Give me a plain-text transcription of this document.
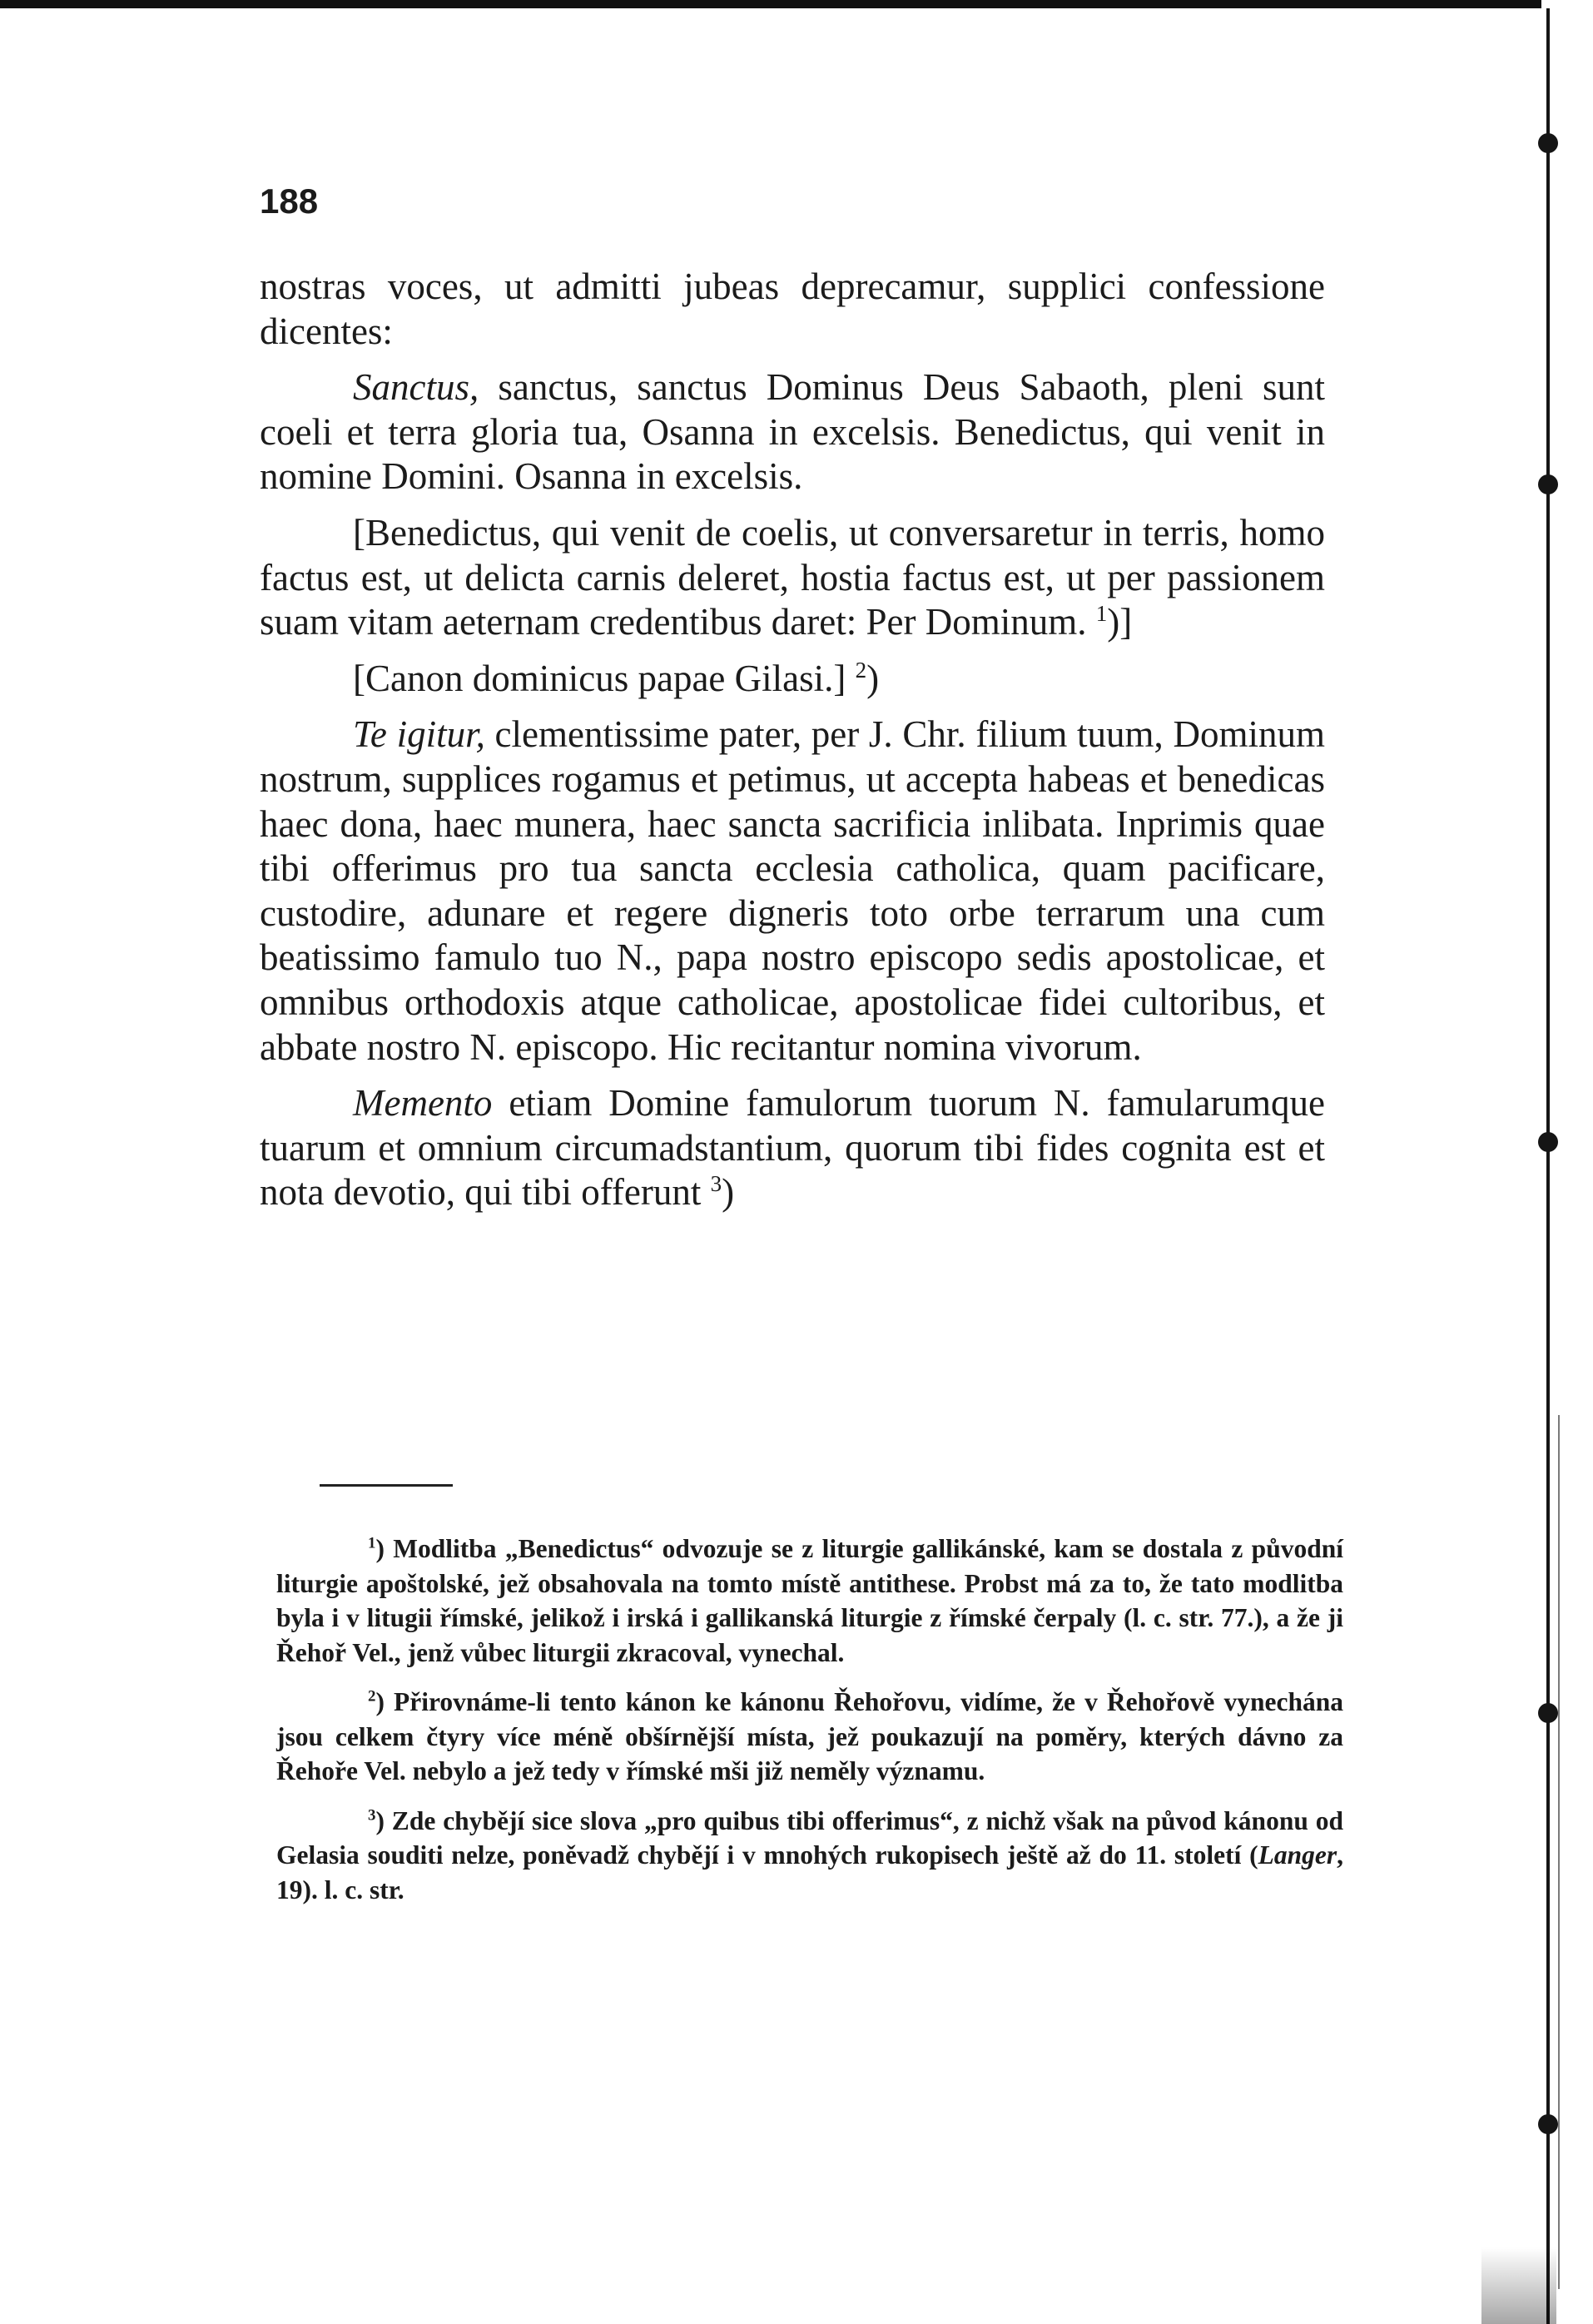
188

nostras voces, ut admitti jubeas deprecamur, supplici confessione dicentes:

Sanctus, sanctus, sanctus Dominus Deus Sabaoth, pleni sunt coeli et terra gloria tua, Osanna in excelsis. Benedictus, qui venit in nomine Domini. Osanna in excelsis.

[Benedictus, qui venit de coelis, ut conversaretur in terris, homo factus est, ut delicta carnis deleret, hostia factus est, ut per passionem suam vitam aeternam credentibus daret: Per Dominum. $^1$)]

[Canon dominicus papae Gilasi.] $^2$)

Te igitur, clementissime pater, per J. Chr. filium tuum, Dominum nostrum, supplices rogamus et petimus, ut accepta habeas et benedicas haec dona, haec munera, haec sancta sacrificia inlibata. Inprimis quae tibi offerimus pro tua sancta ecclesia catholica, quam pacificare, custodire, adunare et regere digneris toto orbe terrarum una cum beatissimo famulo tuo N., papa nostro episcopo sedis apostolicae, et omnibus orthodoxis atque catholicae, apostolicae fidei cultoribus, et abbate nostro N. episcopo. Hic recitantur nomina vivorum.

Memento etiam Domine famulorum tuorum N. famularumque tuarum et omnium circumadstantium, quorum tibi fides cognita est et nota devotio, qui tibi offerunt $^3$)

$^1$) Modlitba „Benedictus“ odvozuje se z liturgie gallikánské, kam se dostala z původní liturgie apoštolské, jež obsahovala na tomto místě antithese. Probst má za to, že tato modlitba byla i v litugii římské, jelikož i irská i gallikanská liturgie z římské čerpaly (l. c. str. 77.), a že ji Řehoř Vel., jenž vůbec liturgii zkracoval, vynechal.

$^2$) Přirovnáme-li tento kánon ke kánonu Řehořovu, vidíme, že v Řehořově vynechána jsou celkem čtyry více méně obšírnější místa, jež poukazují na poměry, kterých dávno za Řehoře Vel. nebylo a jež tedy v římské mši již neměly významu.

$^3$) Zde chybějí sice slova „pro quibus tibi offerimus“, z nichž však na původ kánonu od Gelasia souditi nelze, poněvadž chybějí i v mnohých rukopisech ještě až do 11. století (Langer, 19). l. c. str.
